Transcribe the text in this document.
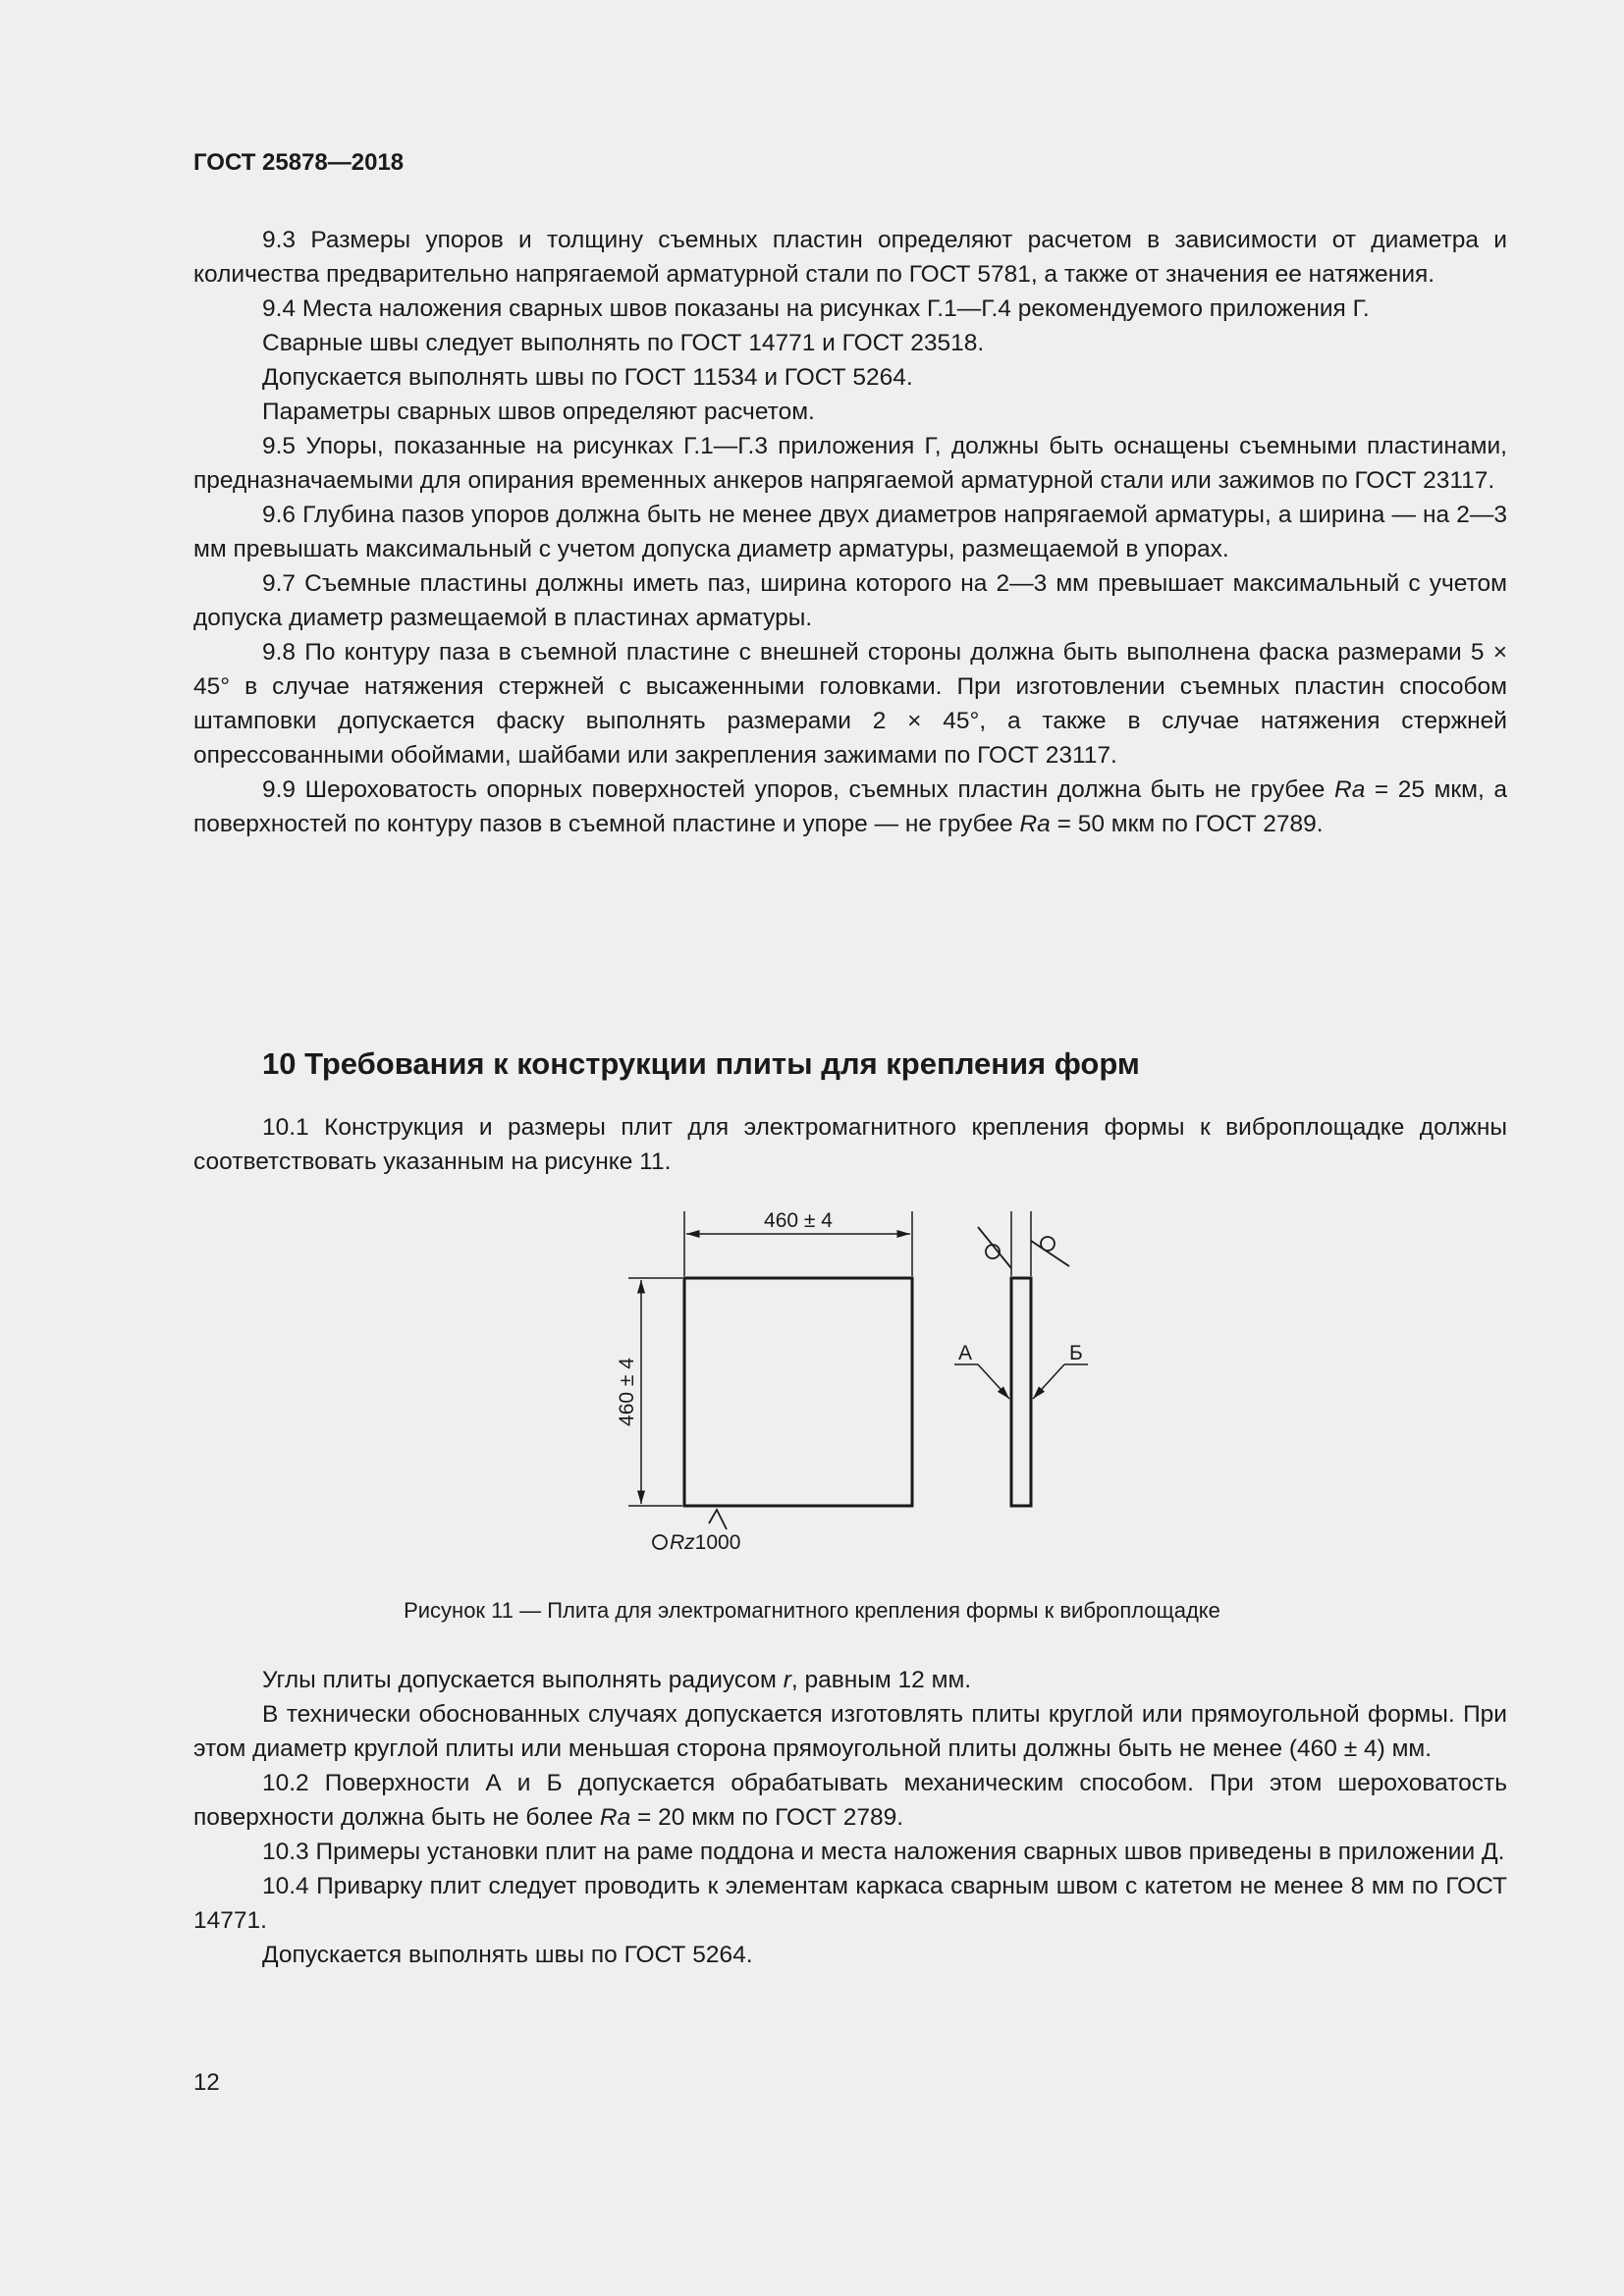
ГОСТ 25878—2018

9.3 Размеры упоров и толщину съемных пластин определяют расчетом в зависимости от диаметра и количества предварительно напрягаемой арматурной стали по ГОСТ 5781, а также от значения ее натяжения.

9.4 Места наложения сварных швов показаны на рисунках Г.1—Г.4 рекомендуемого приложения Г.

Сварные швы следует выполнять по ГОСТ 14771 и ГОСТ 23518.

Допускается выполнять швы по ГОСТ 11534 и ГОСТ 5264.

Параметры сварных швов определяют расчетом.

9.5 Упоры, показанные на рисунках Г.1—Г.3 приложения Г, должны быть оснащены съемными пластинами, предназначаемыми для опирания временных анкеров напрягаемой арматурной стали или зажимов по ГОСТ 23117.

9.6 Глубина пазов упоров должна быть не менее двух диаметров напрягаемой арматуры, а ширина — на 2—3 мм превышать максимальный с учетом допуска диаметр арматуры, размещаемой в упорах.

9.7 Съемные пластины должны иметь паз, ширина которого на 2—3 мм превышает максимальный с учетом допуска диаметр размещаемой в пластинах арматуры.

9.8 По контуру паза в съемной пластине с внешней стороны должна быть выполнена фаска размерами 5 × 45° в случае натяжения стержней с высаженными головками. При изготовлении съемных пластин способом штамповки допускается фаску выполнять размерами 2 × 45°, а также в случае натяжения стержней опрессованными обоймами, шайбами или закрепления зажимами по ГОСТ 23117.

9.9 Шероховатость опорных поверхностей упоров, съемных пластин должна быть не грубее Ra = 25 мкм, а поверхностей по контуру пазов в съемной пластине и упоре — не грубее Ra = 50 мкм по ГОСТ 2789.

10 Требования к конструкции плиты для крепления форм

10.1 Конструкция и размеры плит для электромагнитного крепления формы к виброплощадке должны соответствовать указанным на рисунке 11.

460 ± 4
460 ± 4
Rz1000
А	Б
Рисунок 11 — Плита для электромагнитного крепления формы к виброплощадке

Углы плиты допускается выполнять радиусом r, равным 12 мм.

В технически обоснованных случаях допускается изготовлять плиты круглой или прямоугольной формы. При этом диаметр круглой плиты или меньшая сторона прямоугольной плиты должны быть не менее (460 ± 4) мм.

10.2 Поверхности А и Б допускается обрабатывать механическим способом. При этом шероховатость поверхности должна быть не более Ra = 20 мкм по ГОСТ 2789.

10.3 Примеры установки плит на раме поддона и места наложения сварных швов приведены в приложении Д.

10.4 Приварку плит следует проводить к элементам каркаса сварным швом с катетом не менее 8 мм по ГОСТ 14771.

Допускается выполнять швы по ГОСТ 5264.

12
